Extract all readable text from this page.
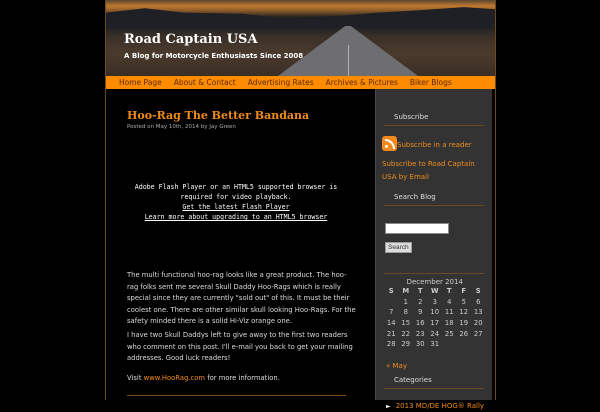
Road Captain USA
A Blog for Motorcycle Enthusiasts Since 2008
Home Page	About & Contact	Advertising Rates	Archives & Pictures	Biker Blogs
Hoo-Rag The Better Bandana
Posted on May 10th, 2014 by Jay Green
Adobe Flash Player or an HTML5 supported browser is
required for video playback.
Get the latest Flash Player
Learn more about upgrading to an HTML5 browser

The multi functional hoo-rag looks like a great product. The hoo-rag folks sent me several Skull Daddy Hoo-Rags which is really special since they are currently "sold out" of this. It must be their coolest one. There are other similar skull looking Hoo-Rags. For the safety minded there is a solid Hi-Viz orange one.

I have two Skull Daddys left to give away to the first two readers who comment on this post. I'll e-mail you back to get your mailing addresses. Good luck readers!

Visit www.HooRag.com for more information.

Subscribe
Subscribe in a reader
Subscribe to Road Captain USA by Email
Search Blog
Search
December 2014
S	M	T	W	T	F	S
	1	2	3	4	5	6
7	8	9	10	11	12	13
14	15	16	17	18	19	20
21	22	23	24	25	26	27
28	29	30	31			
« May
Categories
► 2013 MD/DE HOG® Rally
